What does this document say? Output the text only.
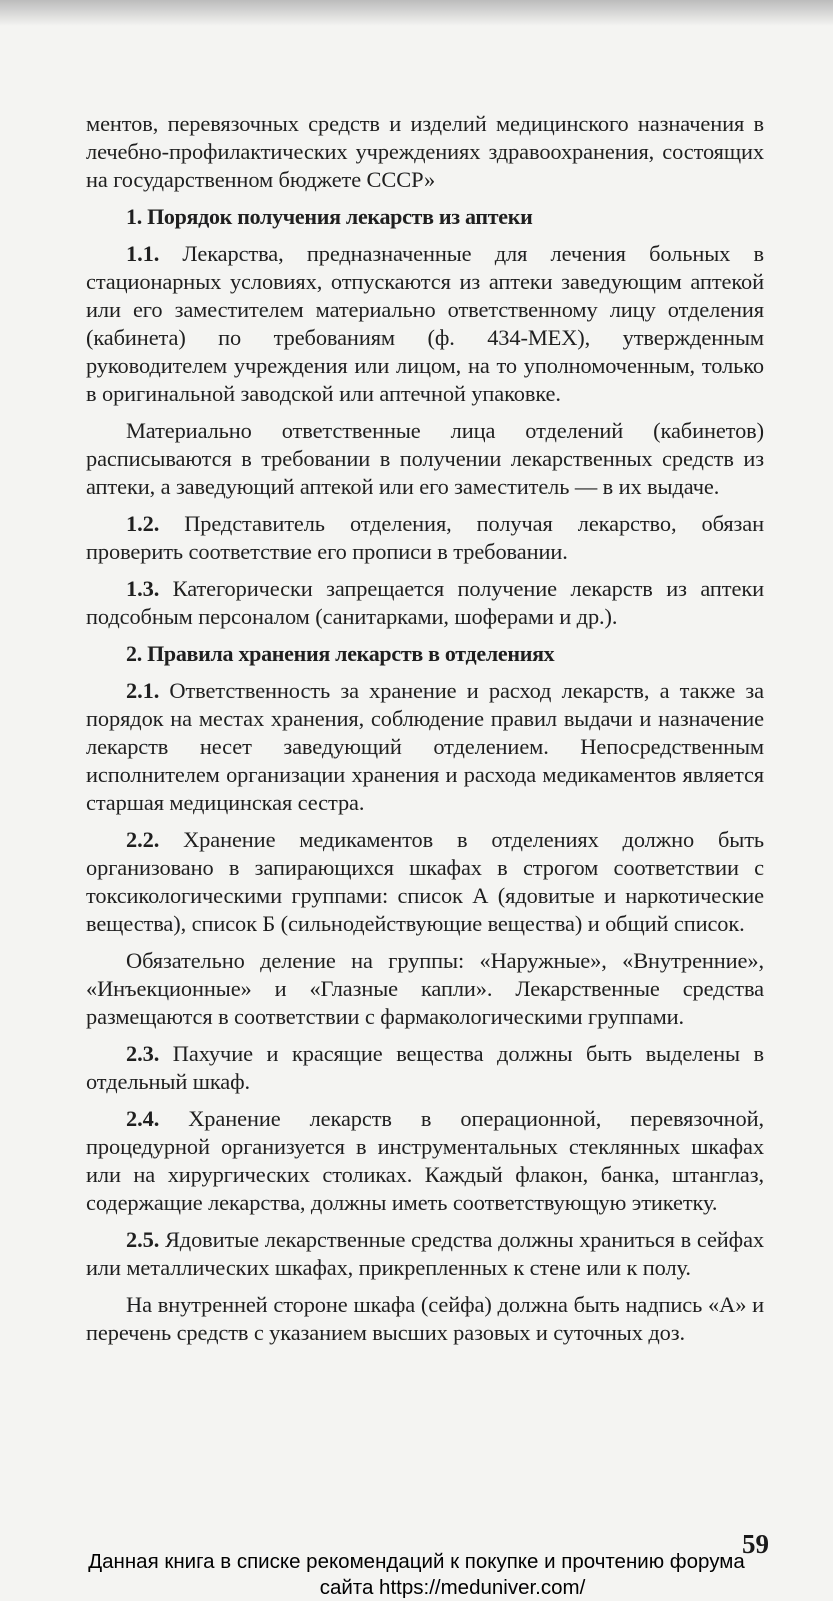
ментов, перевязочных средств и изделий медицинского назначения в лечебно-профилактических учреждениях здравоохранения, состоящих на государственном бюджете СССР»

1. Порядок получения лекарств из аптеки

1.1. Лекарства, предназначенные для лечения больных в стационарных условиях, отпускаются из аптеки заведующим аптекой или его заместителем материально ответственному лицу отделения (кабинета) по требованиям (ф. 434-МЕХ), утвержденным руководителем учреждения или лицом, на то уполномоченным, только в оригинальной заводской или аптечной упаковке.

Материально ответственные лица отделений (кабинетов) расписываются в требовании в получении лекарственных средств из аптеки, а заведующий аптекой или его заместитель — в их выдаче.

1.2. Представитель отделения, получая лекарство, обязан проверить соответствие его прописи в требовании.

1.3. Категорически запрещается получение лекарств из аптеки подсобным персоналом (санитарками, шоферами и др.).

2. Правила хранения лекарств в отделениях

2.1. Ответственность за хранение и расход лекарств, а также за порядок на местах хранения, соблюдение правил выдачи и назначение лекарств несет заведующий отделением. Непосредственным исполнителем организации хранения и расхода медикаментов является старшая медицинская сестра.

2.2. Хранение медикаментов в отделениях должно быть организовано в запирающихся шкафах в строгом соответствии с токсикологическими группами: список А (ядовитые и наркотические вещества), список Б (сильнодействующие вещества) и общий список.

Обязательно деление на группы: «Наружные», «Внутренние», «Инъекционные» и «Глазные капли». Лекарственные средства размещаются в соответствии с фармакологическими группами.

2.3. Пахучие и красящие вещества должны быть выделены в отдельный шкаф.

2.4. Хранение лекарств в операционной, перевязочной, процедурной организуется в инструментальных стеклянных шкафах или на хирургических столиках. Каждый флакон, банка, штанглаз, содержащие лекарства, должны иметь соответствующую этикетку.

2.5. Ядовитые лекарственные средства должны храниться в сейфах или металлических шкафах, прикрепленных к стене или к полу.

На внутренней стороне шкафа (сейфа) должна быть надпись «А» и перечень средств с указанием высших разовых и суточных доз.

59
Данная книга в списке рекомендаций к покупке и прочтению форума
сайта https://meduniver.com/
